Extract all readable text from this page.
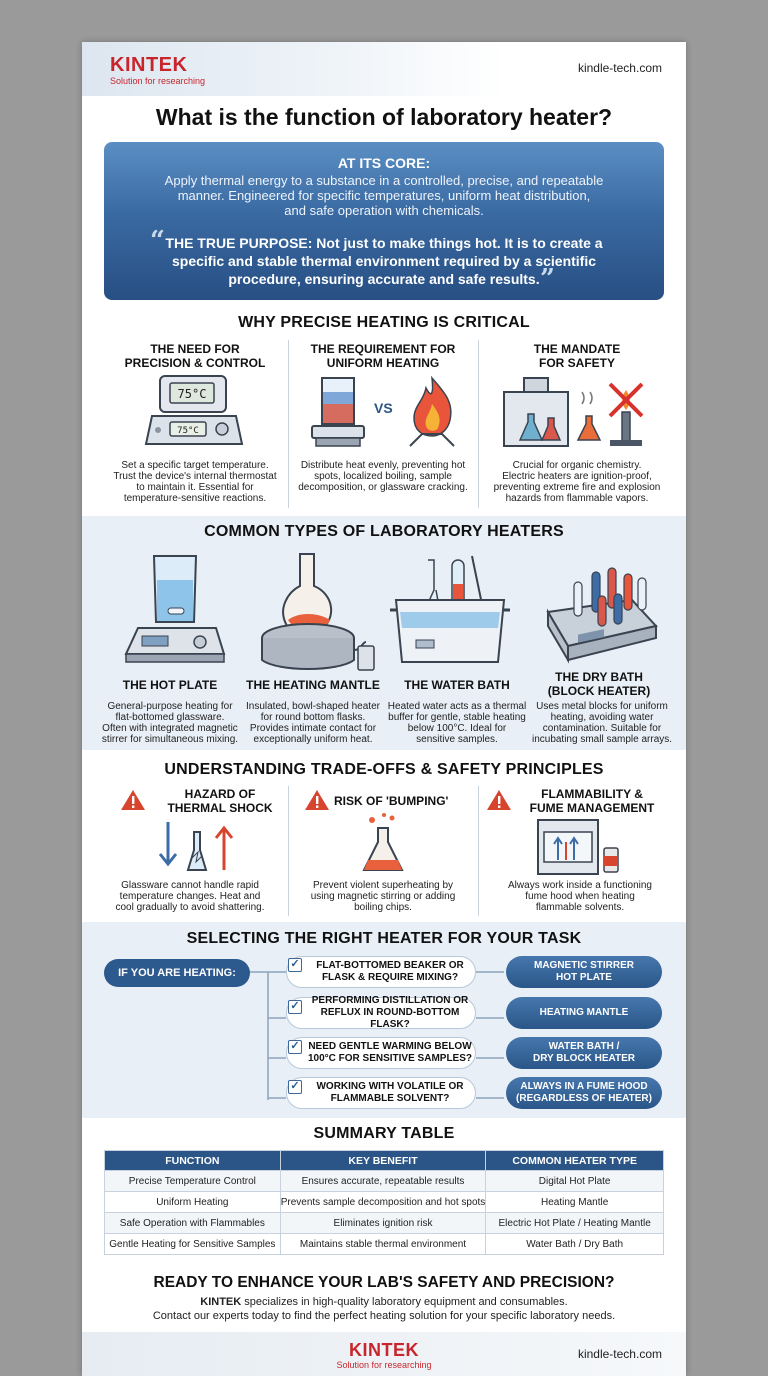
KINTEK
Solution for researching
kindle-tech.com
What is the function of laboratory heater?
AT ITS CORE:
Apply thermal energy to a substance in a controlled, precise, and repeatable
manner. Engineered for specific temperatures, uniform heat distribution,
and safe operation with chemicals.
“ THE TRUE PURPOSE: Not just to make things hot. It is to create a
specific and stable thermal environment required by a scientific
procedure, ensuring accurate and safe results. ”
WHY PRECISE HEATING IS CRITICAL
THE NEED FOR
PRECISION & CONTROL
75°C
75°C
Set a specific target temperature.
Trust the device's internal thermostat
to maintain it. Essential for
temperature-sensitive reactions.
THE REQUIREMENT FOR
UNIFORM HEATING
VS
Distribute heat evenly, preventing hot
spots, localized boiling, sample
decomposition, or glassware cracking.
THE MANDATE
FOR SAFETY
Crucial for organic chemistry.
Electric heaters are ignition-proof,
preventing extreme fire and explosion
hazards from flammable vapors.
COMMON TYPES OF LABORATORY HEATERS
THE HOT PLATE	THE HEATING MANTLE	THE WATER BATH
THE DRY BATH
(BLOCK HEATER)
General-purpose heating for
flat-bottomed glassware.
Often with integrated magnetic
stirrer for simultaneous mixing.
Insulated, bowl-shaped heater
for round bottom flasks.
Provides intimate contact for
exceptionally uniform heat.
Heated water acts as a thermal
buffer for gentle, stable heating
below 100°C. Ideal for
sensitive samples.
Uses metal blocks for uniform
heating, avoiding water
contamination. Suitable for
incubating small sample arrays.
UNDERSTANDING TRADE-OFFS & SAFETY PRINCIPLES
HAZARD OF
THERMAL SHOCK
Glassware cannot handle rapid
temperature changes. Heat and
cool gradually to avoid shattering.
RISK OF 'BUMPING'
Prevent violent superheating by
using magnetic stirring or adding
boiling chips.
FLAMMABILITY &
FUME MANAGEMENT
Always work inside a functioning
fume hood when heating
flammable solvents.
SELECTING THE RIGHT HEATER FOR YOUR TASK
IF YOU ARE HEATING:
FLAT-BOTTOMED BEAKER OR
FLASK & REQUIRE MIXING?
✓	MAGNETIC STIRRER
HOT PLATE
PERFORMING DISTILLATION OR
REFLUX IN ROUND-BOTTOM FLASK?
✓
HEATING MANTLE
NEED GENTLE WARMING BELOW
100°C FOR SENSITIVE SAMPLES?
✓	WATER BATH /
DRY BLOCK HEATER
WORKING WITH VOLATILE OR
FLAMMABLE SOLVENT?
✓	ALWAYS IN A FUME HOOD
(REGARDLESS OF HEATER)
SUMMARY TABLE
FUNCTION	KEY BENEFIT	COMMON HEATER TYPE
Precise Temperature Control	Ensures accurate, repeatable results	Digital Hot Plate
Uniform Heating	Prevents sample decomposition and hot spots	Heating Mantle
Safe Operation with Flammables	Eliminates ignition risk	Electric Hot Plate / Heating Mantle
Gentle Heating for Sensitive Samples	Maintains stable thermal environment	Water Bath / Dry Bath
READY TO ENHANCE YOUR LAB'S SAFETY AND PRECISION?
KINTEK specializes in high-quality laboratory equipment and consumables.
Contact our experts today to find the perfect heating solution for your specific laboratory needs.
KINTEK
Solution for researching
kindle-tech.com
